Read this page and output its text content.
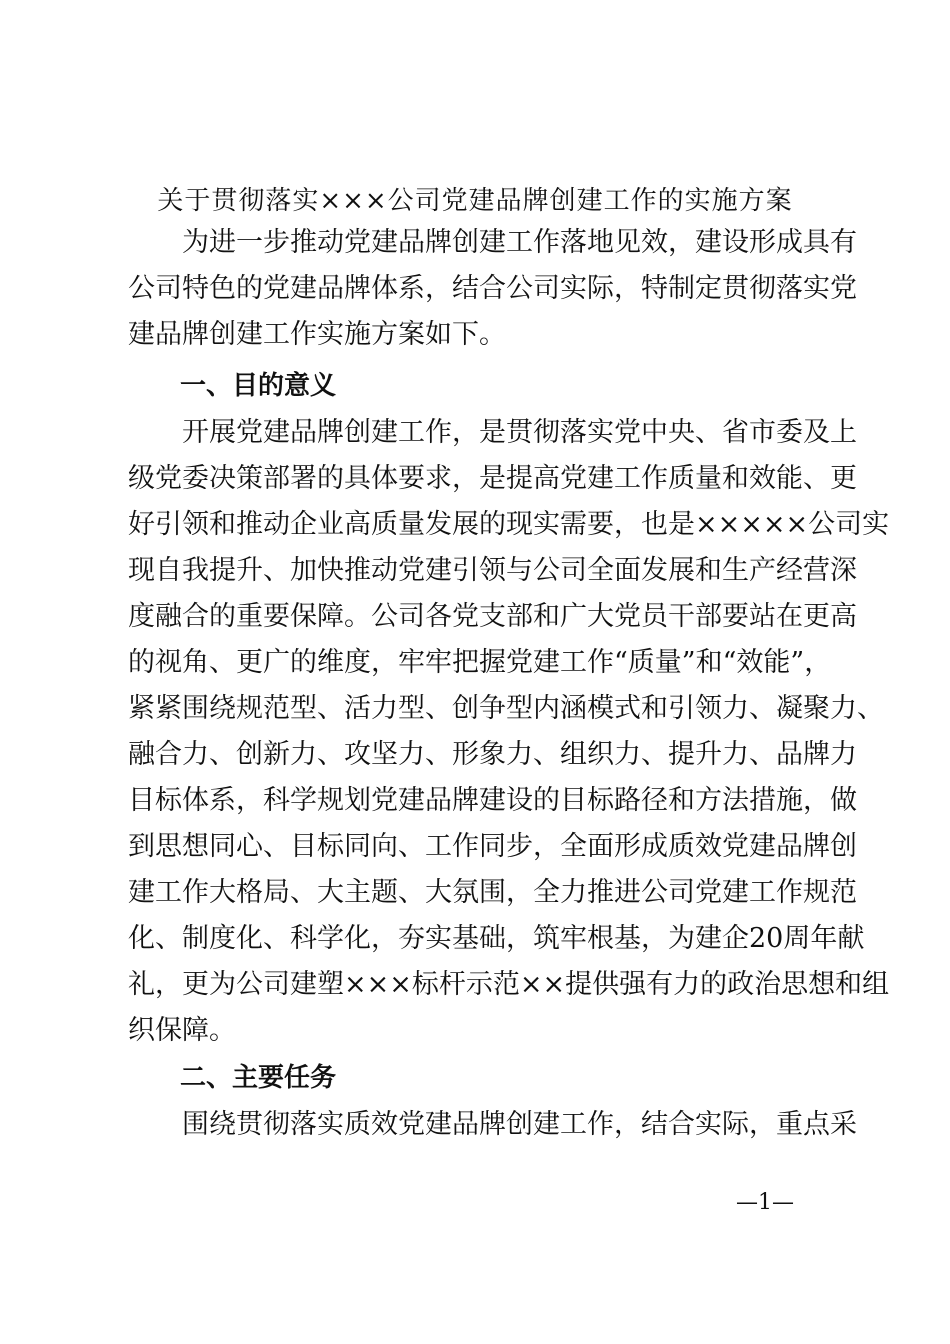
关于贯彻落实×××公司党建品牌创建工作的实施方案
为进一步推动党建品牌创建工作落地见效，建设形成具有
公司特色的党建品牌体系，结合公司实际，特制定贯彻落实党
建品牌创建工作实施方案如下。
一、目的意义
开展党建品牌创建工作，是贯彻落实党中央、省市委及上
级党委决策部署的具体要求，是提高党建工作质量和效能、更
好引领和推动企业高质量发展的现实需要，也是×××××公司实
现自我提升、加快推动党建引领与公司全面发展和生产经营深
度融合的重要保障。公司各党支部和广大党员干部要站在更高
的视角、更广的维度，牢牢把握党建工作“质量”和“效能”，
紧紧围绕规范型、活力型、创争型内涵模式和引领力、凝聚力、
融合力、创新力、攻坚力、形象力、组织力、提升力、品牌力
目标体系，科学规划党建品牌建设的目标路径和方法措施，做
到思想同心、目标同向、工作同步，全面形成质效党建品牌创
建工作大格局、大主题、大氛围，全力推进公司党建工作规范
化、制度化、科学化，夯实基础，筑牢根基，为建企20周年献
礼，更为公司建塑×××标杆示范××提供强有力的政治思想和组
织保障。
二、主要任务
围绕贯彻落实质效党建品牌创建工作，结合实际，重点采
—1—
